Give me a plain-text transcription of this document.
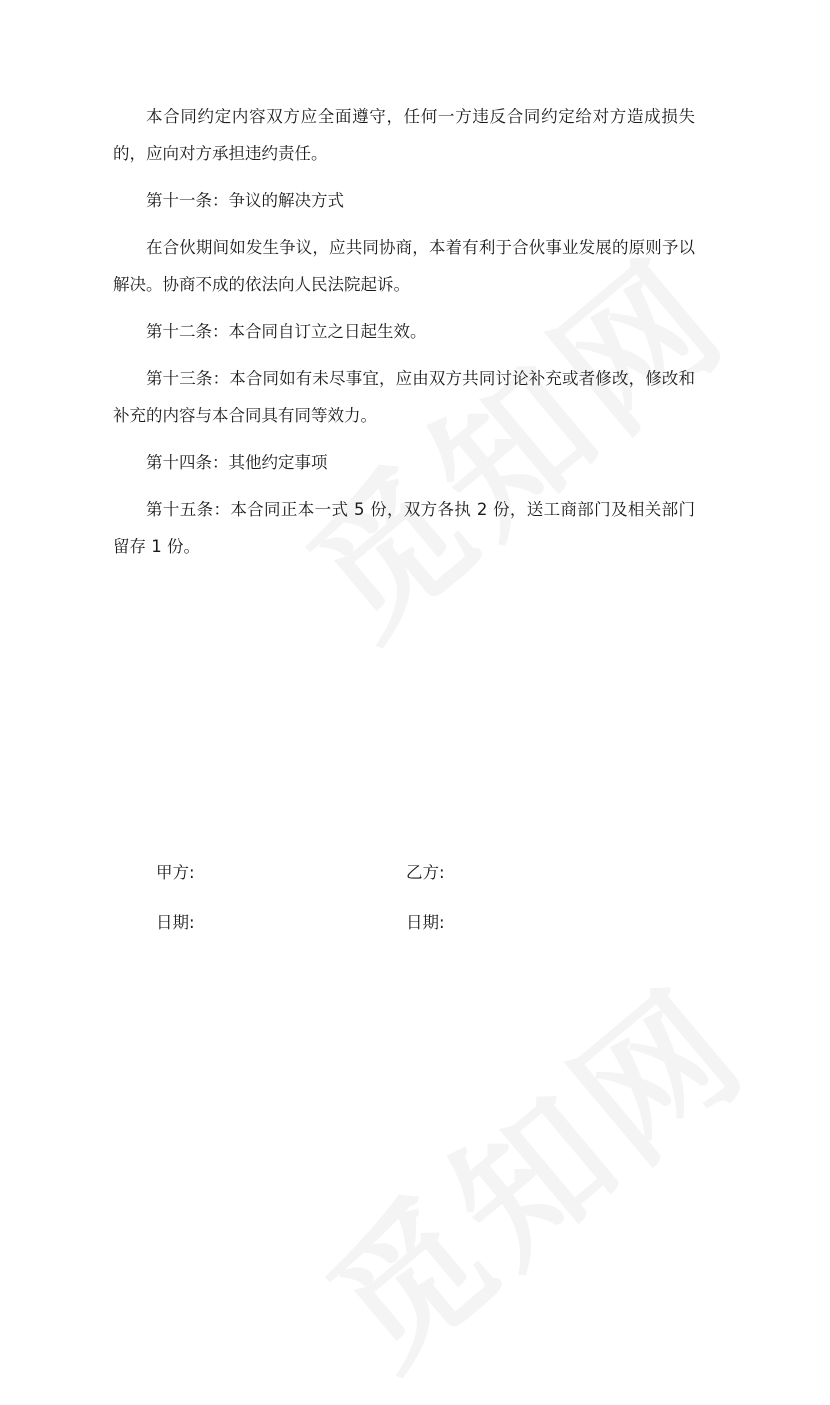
本合同约定内容双方应全面遵守，任何一方违反合同约定给对方造成损失的，应向对方承担违约责任。

第十一条：争议的解决方式

在合伙期间如发生争议，应共同协商，本着有利于合伙事业发展的原则予以解决。协商不成的依法向人民法院起诉。

第十二条：本合同自订立之日起生效。

第十三条：本合同如有未尽事宜，应由双方共同讨论补充或者修改，修改和补充的内容与本合同具有同等效力。

第十四条：其他约定事项

第十五条：本合同正本一式 5 份，双方各执 2 份，送工商部门及相关部门留存 1 份。

甲方:	乙方:
日期:	日期:
